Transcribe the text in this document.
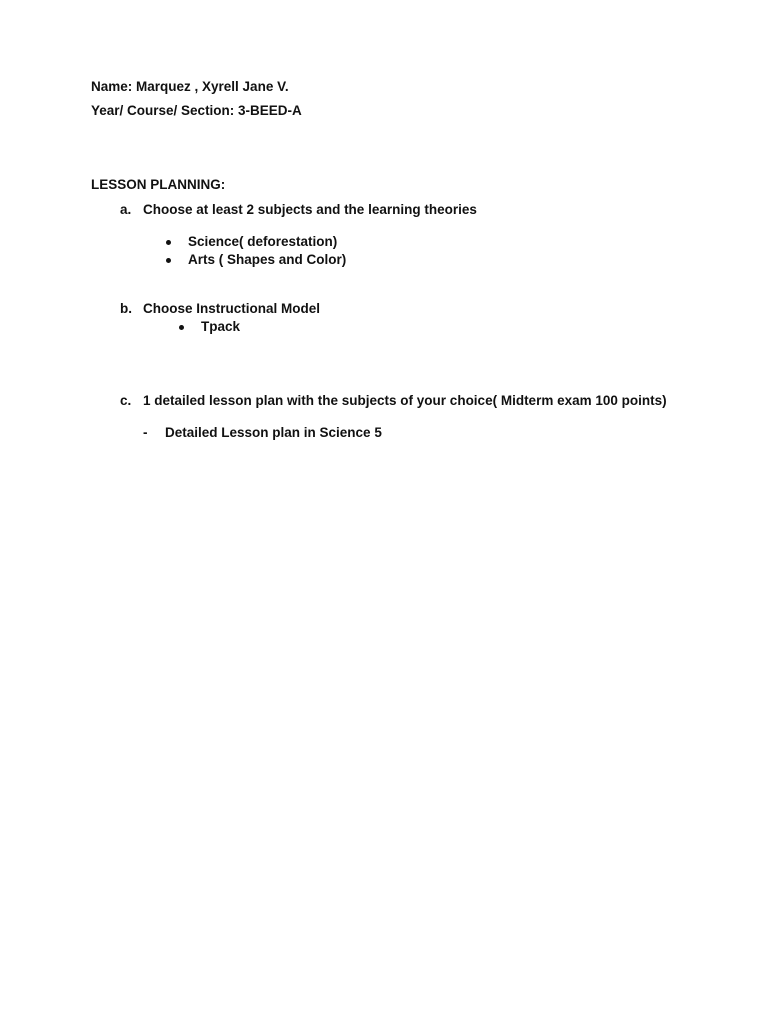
Name: Marquez , Xyrell Jane V.
Year/ Course/ Section: 3-BEED-A
LESSON PLANNING:
a. Choose at least 2 subjects and the learning theories
Science( deforestation)
Arts ( Shapes and Color)
b. Choose Instructional Model
Tpack
c. 1 detailed lesson plan with the subjects of your choice( Midterm exam 100 points)
- Detailed Lesson plan in Science 5
